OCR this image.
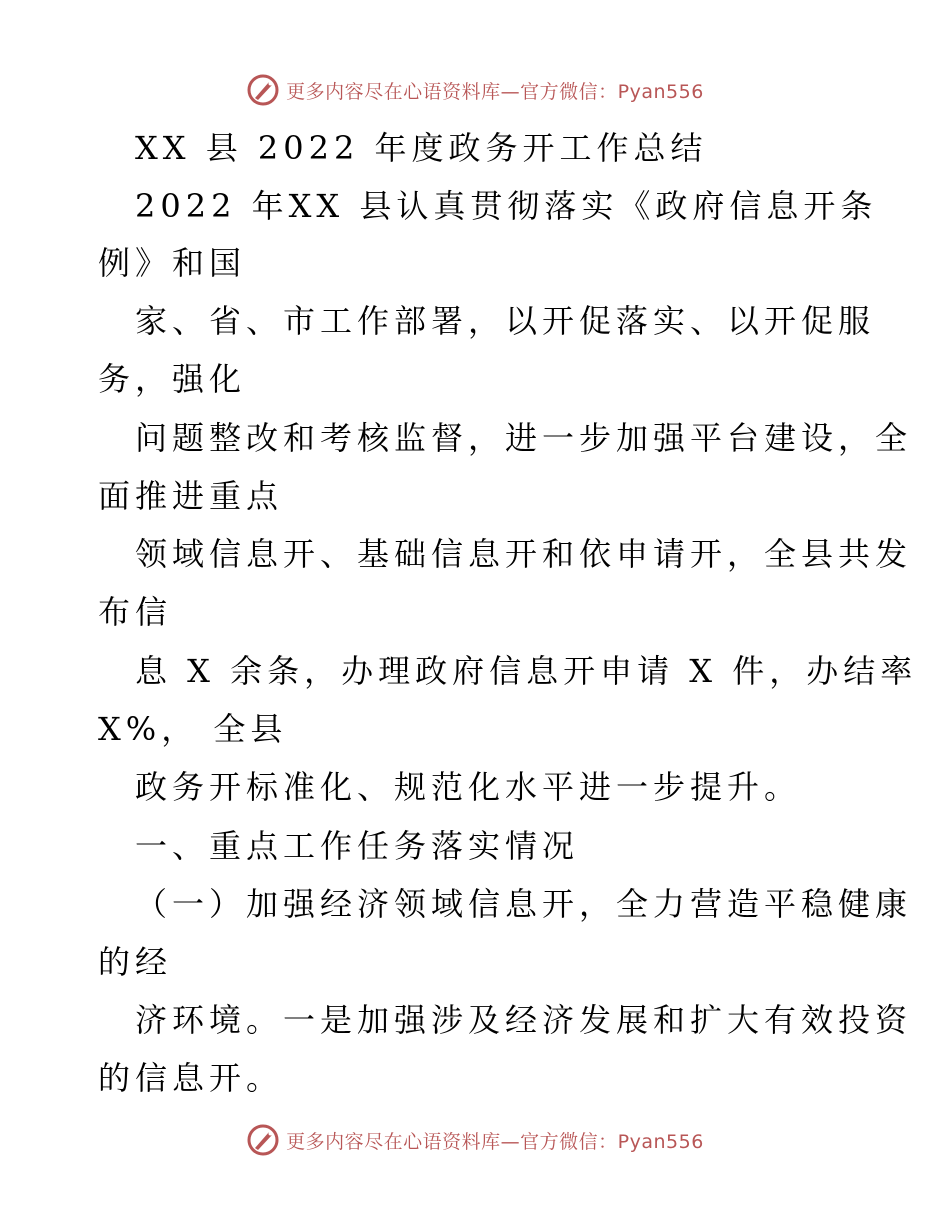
更多内容尽在心语资料库—官方微信：Pyan556
XX 县 2022 年度政务开工作总结
2022 年XX 县认真贯彻落实《政府信息开条
例》和国
家、省、市工作部署，以开促落实、以开促服
务，强化
问题整改和考核监督，进一步加强平台建设，全
面推进重点
领域信息开、基础信息开和依申请开，全县共发
布信
息 X 余条，办理政府信息开申请 X 件，办结率
X%， 全县
政务开标准化、规范化水平进一步提升。
一、重点工作任务落实情况
（一）加强经济领域信息开，全力营造平稳健康
的经
济环境。一是加强涉及经济发展和扩大有效投资
的信息开。
更多内容尽在心语资料库—官方微信：Pyan556
